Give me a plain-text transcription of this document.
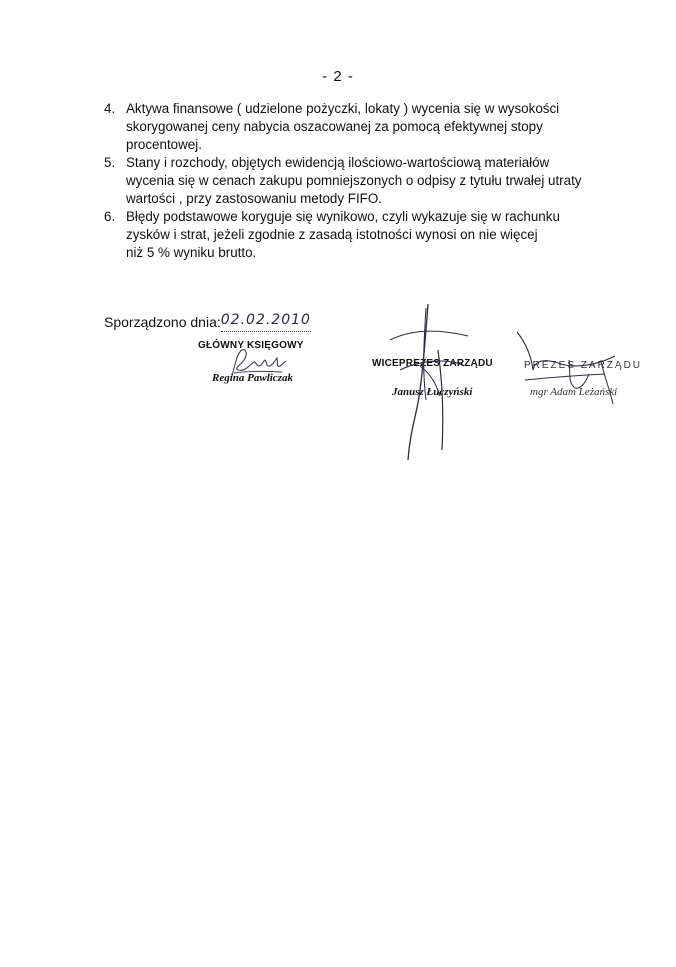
- 2 -
4. Aktywa finansowe ( udzielone pożyczki, lokaty ) wycenia się w wysokości
skorygowanej ceny nabycia oszacowanej za pomocą efektywnej stopy
procentowej.
5. Stany i rozchody, objętych ewidencją ilościowo-wartościową materiałów
wycenia się w cenach zakupu pomniejszonych o odpisy z tytułu trwałej utraty
wartości , przy zastosowaniu metody FIFO.
6. Błędy podstawowe koryguje się wynikowo, czyli wykazuje się w rachunku
zysków i strat, jeżeli zgodnie z zasadą istotności wynosi on nie więcej
niż 5 % wyniku brutto.
Sporządzono dnia:02.02.2010
GŁÓWNY KSIĘGOWY
Regina Pawliczak
WICEPREZES ZARZĄDU
Janusz Łuczyński
PREZES ZARZĄDU
mgr Adam Leżański
